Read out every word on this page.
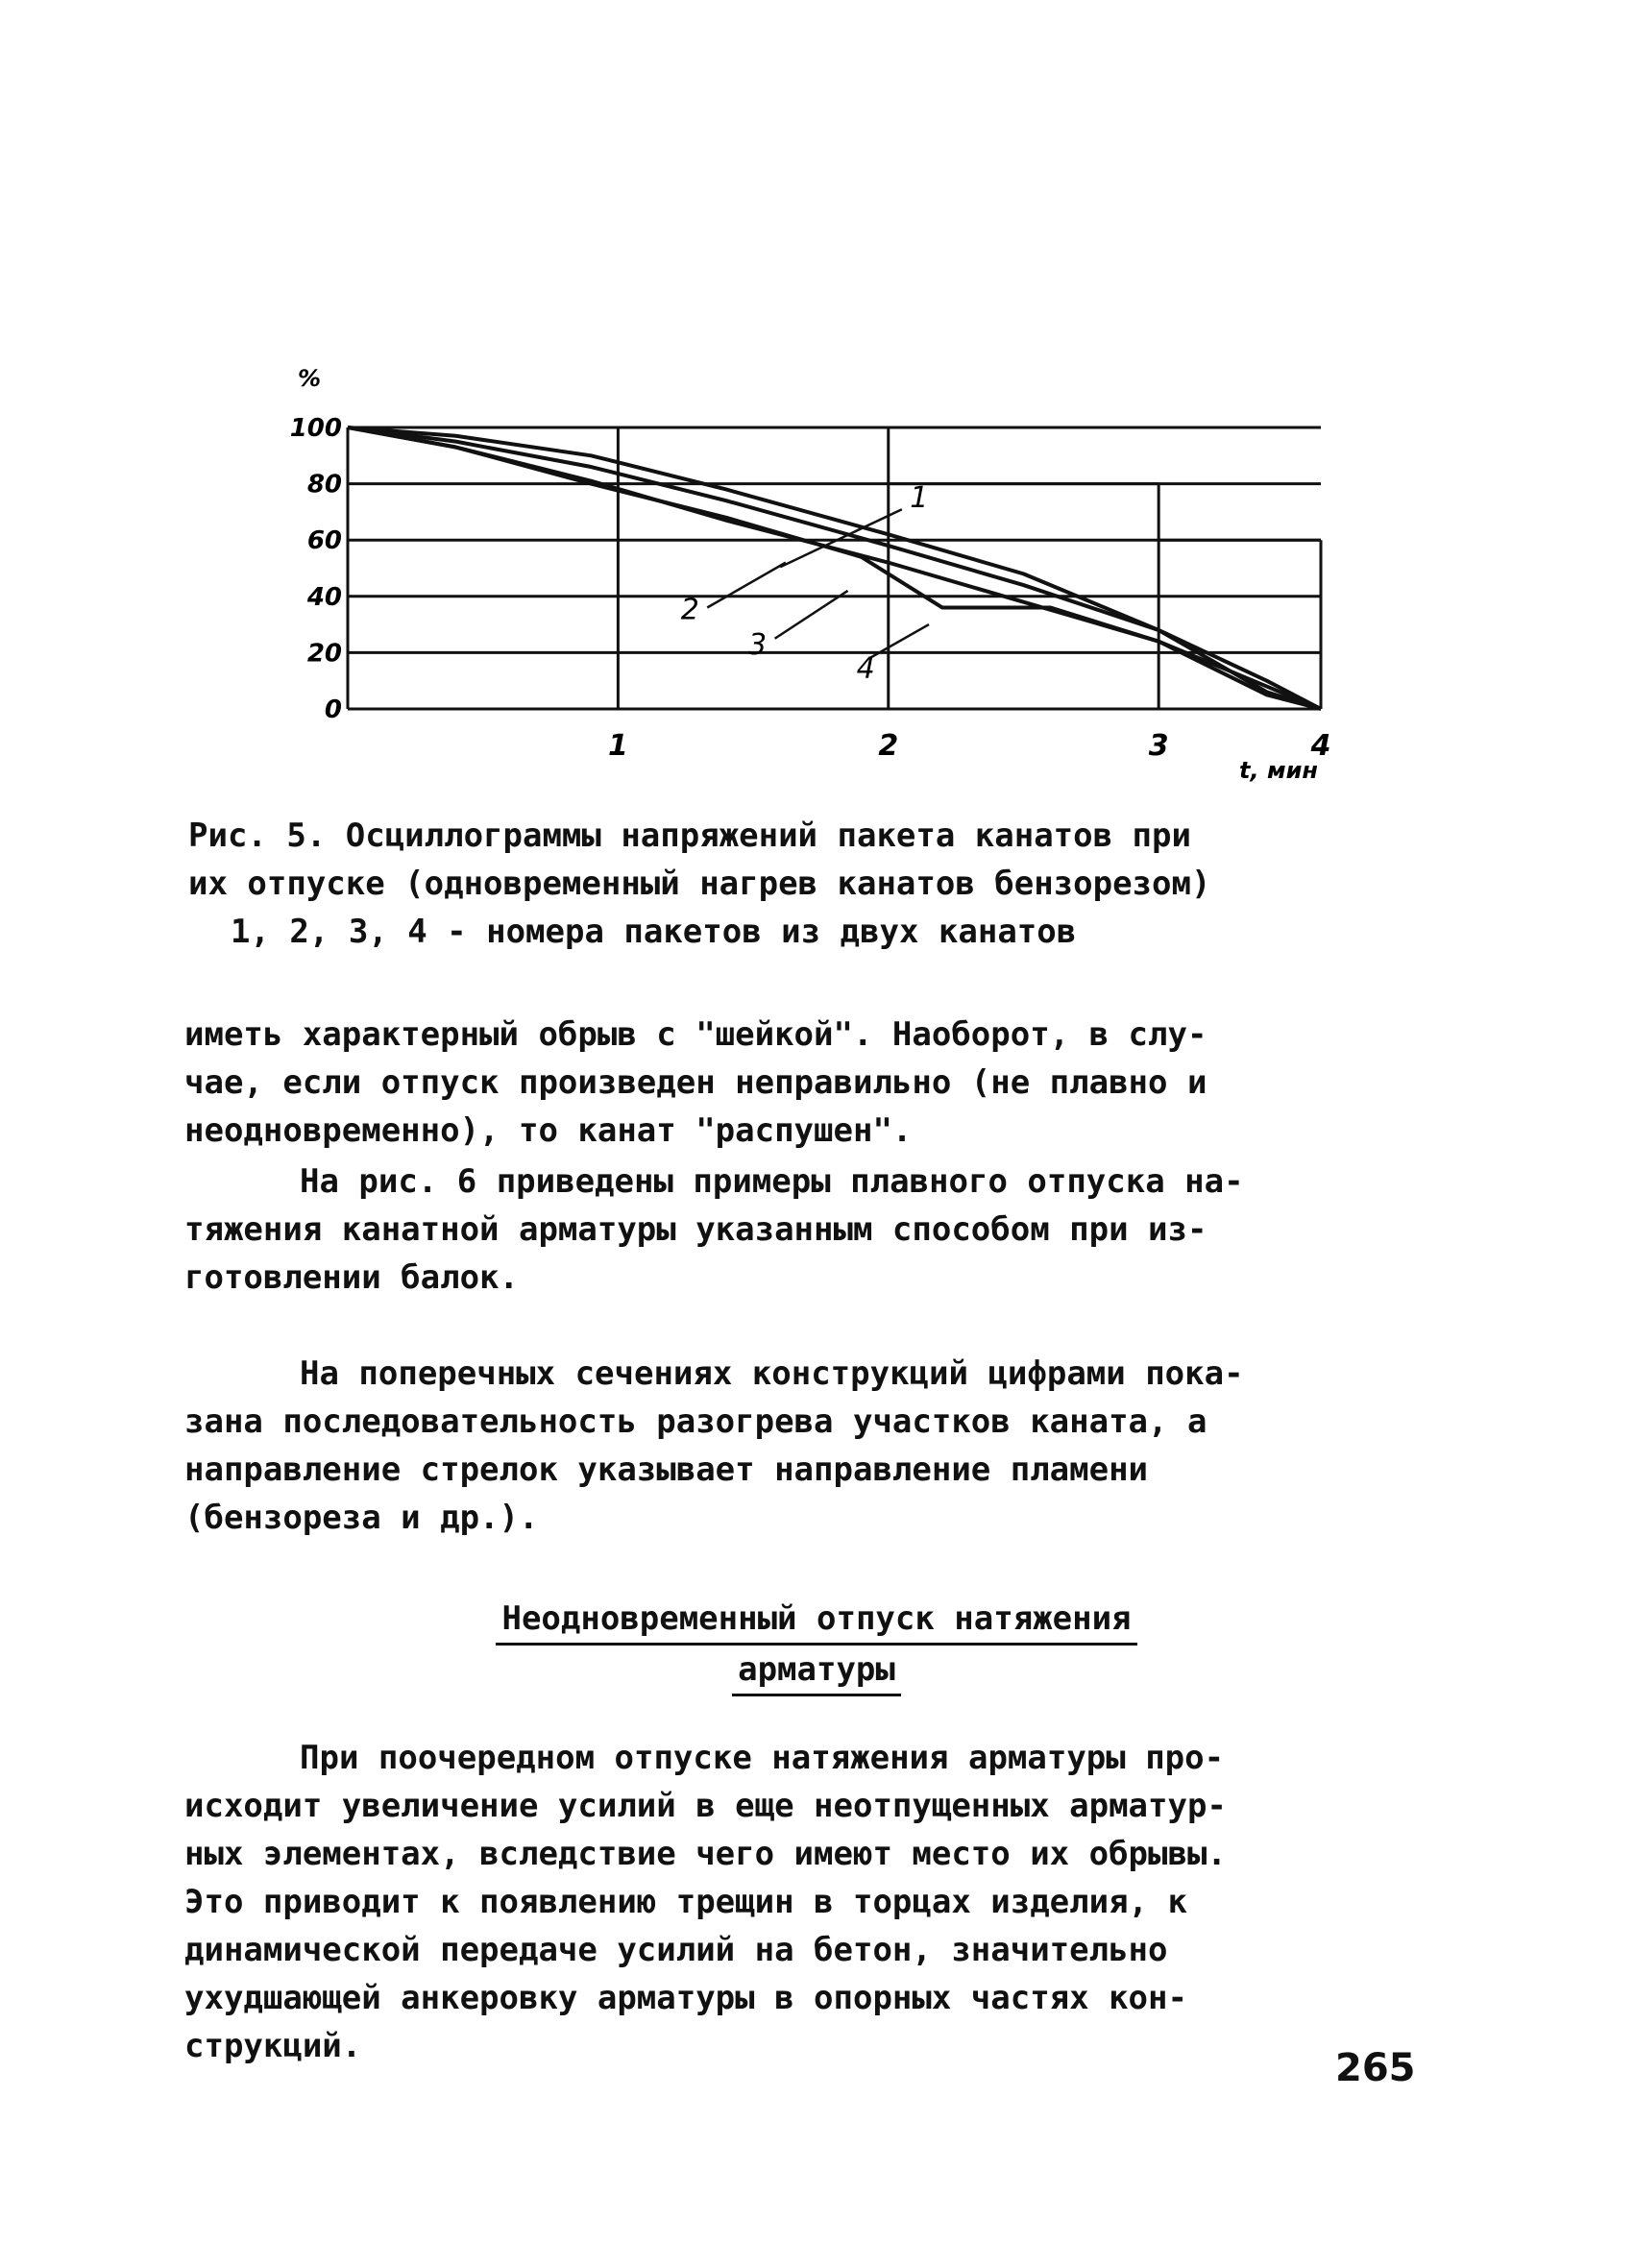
%
t, мин
100
80
60
40
20
0
1	2	3	4
1
2
3
4
Рис. 5. Осциллограммы напряжений пакета канатов при
их отпуске (одновременный нагрев канатов бензорезом)
1, 2, 3, 4 - номера пакетов из двух канатов
иметь характерный обрыв с "шейкой". Наоборот, в слу-
чае, если отпуск произведен неправильно (не плавно и
неодновременно), то канат "распушен".
На рис. 6 приведены примеры плавного отпуска на-
тяжения канатной арматуры указанным способом при из-
готовлении балок.
На поперечных сечениях конструкций цифрами пока-
зана последовательность разогрева участков каната, а
направление стрелок указывает направление пламени
(бензореза и др.).
Неодновременный отпуск натяжения
арматуры
При поочередном отпуске натяжения арматуры про-
исходит увеличение усилий в еще неотпущенных арматур-
ных элементах, вследствие чего имеют место их обрывы.
Это приводит к появлению трещин в торцах изделия, к
динамической передаче усилий на бетон, значительно
ухудшающей анкеровку арматуры в опорных частях кон-
струкций.	265
